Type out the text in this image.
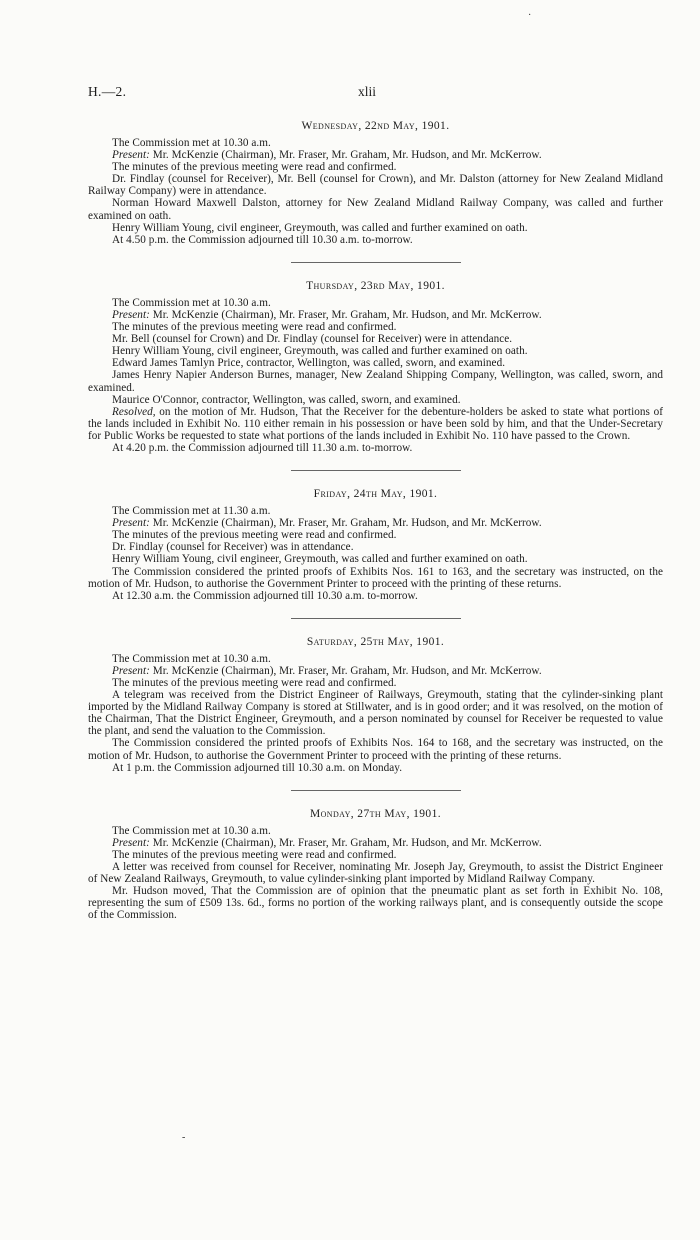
H.—2.	xlii
Wednesday, 22nd May, 1901.

The Commission met at 10.30 a.m.

Present: Mr. McKenzie (Chairman), Mr. Fraser, Mr. Graham, Mr. Hudson, and Mr. McKerrow.

The minutes of the previous meeting were read and confirmed.

Dr. Findlay (counsel for Receiver), Mr. Bell (counsel for Crown), and Mr. Dalston (attorney for New Zealand Midland Railway Company) were in attendance.

Norman Howard Maxwell Dalston, attorney for New Zealand Midland Railway Company, was called and further examined on oath.

Henry William Young, civil engineer, Greymouth, was called and further examined on oath.

At 4.50 p.m. the Commission adjourned till 10.30 a.m. to-morrow.

Thursday, 23rd May, 1901.

The Commission met at 10.30 a.m.

Present: Mr. McKenzie (Chairman), Mr. Fraser, Mr. Graham, Mr. Hudson, and Mr. McKerrow.

The minutes of the previous meeting were read and confirmed.

Mr. Bell (counsel for Crown) and Dr. Findlay (counsel for Receiver) were in attendance.

Henry William Young, civil engineer, Greymouth, was called and further examined on oath.

Edward James Tamlyn Price, contractor, Wellington, was called, sworn, and examined.

James Henry Napier Anderson Burnes, manager, New Zealand Shipping Company, Wellington, was called, sworn, and examined.

Maurice O'Connor, contractor, Wellington, was called, sworn, and examined.

Resolved, on the motion of Mr. Hudson, That the Receiver for the debenture-holders be asked to state what portions of the lands included in Exhibit No. 110 either remain in his possession or have been sold by him, and that the Under-Secretary for Public Works be requested to state what portions of the lands included in Exhibit No. 110 have passed to the Crown.

At 4.20 p.m. the Commission adjourned till 11.30 a.m. to-morrow.

Friday, 24th May, 1901.

The Commission met at 11.30 a.m.

Present: Mr. McKenzie (Chairman), Mr. Fraser, Mr. Graham, Mr. Hudson, and Mr. McKerrow.

The minutes of the previous meeting were read and confirmed.

Dr. Findlay (counsel for Receiver) was in attendance.

Henry William Young, civil engineer, Greymouth, was called and further examined on oath.

The Commission considered the printed proofs of Exhibits Nos. 161 to 163, and the secretary was instructed, on the motion of Mr. Hudson, to authorise the Government Printer to proceed with the printing of these returns.

At 12.30 a.m. the Commission adjourned till 10.30 a.m. to-morrow.

Saturday, 25th May, 1901.

The Commission met at 10.30 a.m.

Present: Mr. McKenzie (Chairman), Mr. Fraser, Mr. Graham, Mr. Hudson, and Mr. McKerrow.

The minutes of the previous meeting were read and confirmed.

A telegram was received from the District Engineer of Railways, Greymouth, stating that the cylinder-sinking plant imported by the Midland Railway Company is stored at Stillwater, and is in good order; and it was resolved, on the motion of the Chairman, That the District Engineer, Greymouth, and a person nominated by counsel for Receiver be requested to value the plant, and send the valuation to the Commission.

The Commission considered the printed proofs of Exhibits Nos. 164 to 168, and the secretary was instructed, on the motion of Mr. Hudson, to authorise the Government Printer to proceed with the printing of these returns.

At 1 p.m. the Commission adjourned till 10.30 a.m. on Monday.

Monday, 27th May, 1901.

The Commission met at 10.30 a.m.

Present: Mr. McKenzie (Chairman), Mr. Fraser, Mr. Graham, Mr. Hudson, and Mr. McKerrow.

The minutes of the previous meeting were read and confirmed.

A letter was received from counsel for Receiver, nominating Mr. Joseph Jay, Greymouth, to assist the District Engineer of New Zealand Railways, Greymouth, to value cylinder-sinking plant imported by Midland Railway Company.

Mr. Hudson moved, That the Commission are of opinion that the pneumatic plant as set forth in Exhibit No. 108, representing the sum of £509 13s. 6d., forms no portion of the working railways plant, and is consequently outside the scope of the Commission.

·
-
